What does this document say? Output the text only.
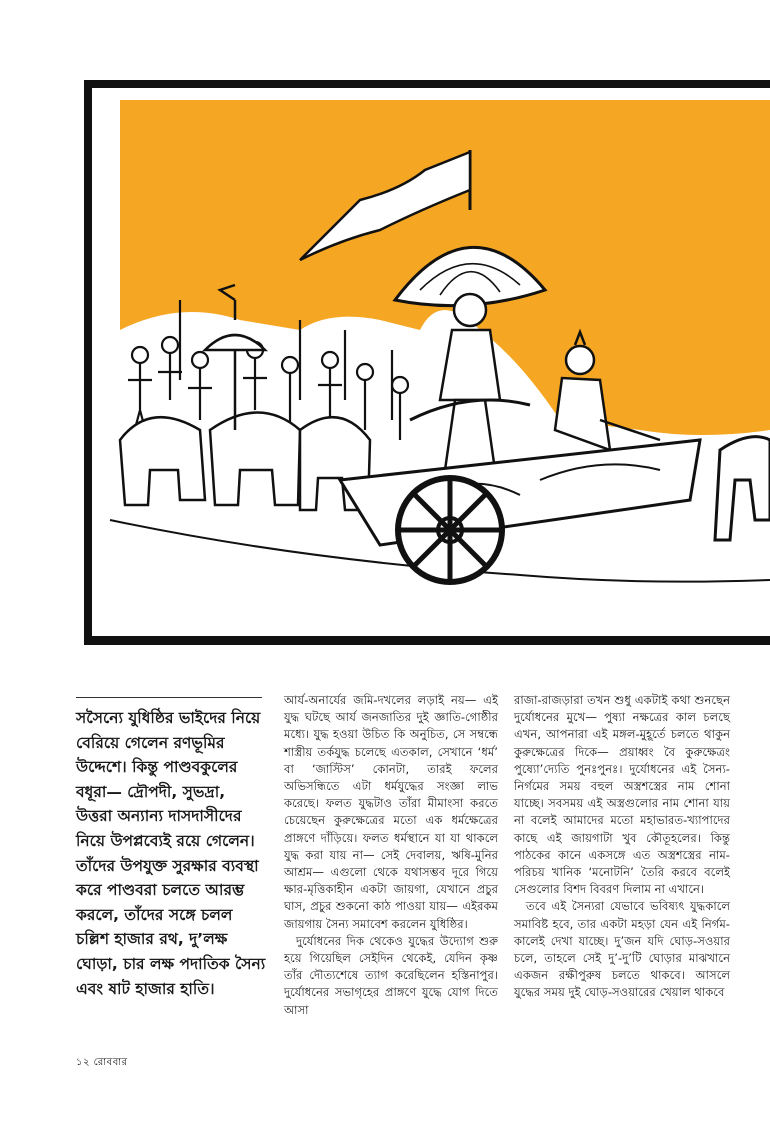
সসৈন্যে যুধিষ্ঠির ভাইদের নিয়ে বেরিয়ে গেলেন রণভূমির উদ্দেশে। কিন্তু পাণ্ডবকুলের বধূরা— দ্রৌপদী, সুভদ্রা, উত্তরা অন্যান্য দাসদাসীদের নিয়ে উপপ্লব্যেই রয়ে গেলেন। তাঁদের উপযুক্ত সুরক্ষার ব্যবস্থা করে পাণ্ডবরা চলতে আরম্ভ করলে, তাঁদের সঙ্গে চলল চল্লিশ হাজার রথ, দু’লক্ষ ঘোড়া, চার লক্ষ পদাতিক সৈন্য এবং ষাট হাজার হাতি।

আর্য-অনার্যের জমি-দখলের লড়াই নয়— এই যুদ্ধ ঘটছে আর্য জনজাতির দুই জ্ঞাতি-গোষ্ঠীর মধ্যে। যুদ্ধ হওয়া উচিত কি অনুচিত, সে সম্বন্ধে শাস্ত্রীয় তর্কযুদ্ধ চলেছে এতকাল, সেখানে ‘ধর্ম’ বা ‘জাস্টিস’ কোনটা, তারই ফলের অভিসন্ধিতে এটা ধর্মযুদ্ধের সংজ্ঞা লাভ করেছে। ফলত যুদ্ধটাও তাঁরা মীমাংসা করতে চেয়েছেন কুরুক্ষেত্রের মতো এক ধর্মক্ষেত্রের প্রাঙ্গণে দাঁড়িয়ে। ফলত ধর্মস্থানে যা যা থাকলে যুদ্ধ করা যায় না— সেই দেবালয়, ঋষি-মুনির আশ্রম— এগুলো থেকে যথাসম্ভব দূরে গিয়ে ক্ষার-মৃত্তিকাহীন একটা জায়গা, যেখানে প্রচুর ঘাস, প্রচুর শুকনো কাঠ পাওয়া যায়— এইরকম জায়গায় সৈন্য সমাবেশ করলেন যুধিষ্ঠির।

দুর্যোধনের দিক থেকেও যুদ্ধের উদ্যোগ শুরু হয়ে গিয়েছিল সেইদিন থেকেই, যেদিন কৃষ্ণ তাঁর দৌত্যশেষে ত্যাগ করেছিলেন হস্তিনাপুর। দুর্যোধনের সভাগৃহের প্রাঙ্গণে যুদ্ধে যোগ দিতে আসা

রাজা-রাজড়ারা তখন শুধু একটাই কথা শুনছেন দুর্যোধনের মুখে— পুষ্যা নক্ষত্রের কাল চলছে এখন, আপনারা এই মঙ্গল-মুহূর্তে চলতে থাকুন কুরুক্ষেত্রের দিকে— প্রয়াধ্বং বৈ কুরুক্ষেত্রং পুষ্যো’দ্যেতি পুনঃপুনঃ। দুর্যোধনের এই সৈন্য-নির্গমের সময় বহুল অস্ত্রশস্ত্রের নাম শোনা যাচ্ছে। সবসময় এই অস্ত্রগুলোর নাম শোনা যায় না বলেই আমাদের মতো মহাভারত-খ্যাপাদের কাছে এই জায়গাটা খুব কৌতূহলের। কিন্তু পাঠকের কানে একসঙ্গে এত অস্ত্রশস্ত্রের নাম-পরিচয় খানিক ‘মনোটনি’ তৈরি করবে বলেই সেগুলোর বিশদ বিবরণ দিলাম না এখানে।

তবে এই সৈন্যরা যেভাবে ভবিষ্যৎ যুদ্ধকালে সমাবিষ্ট হবে, তার একটা মহড়া যেন এই নির্গম-কালেই দেখা যাচ্ছে। দু’জন যদি ঘোড়-সওয়ার চলে, তাহলে সেই দু’-দু’টি ঘোড়ার মাঝখানে একজন রক্ষীপুরুষ চলতে থাকবে। আসলে যুদ্ধের সময় দুই ঘোড়-সওয়ারের খেয়াল থাকবে

১২ রোববার
